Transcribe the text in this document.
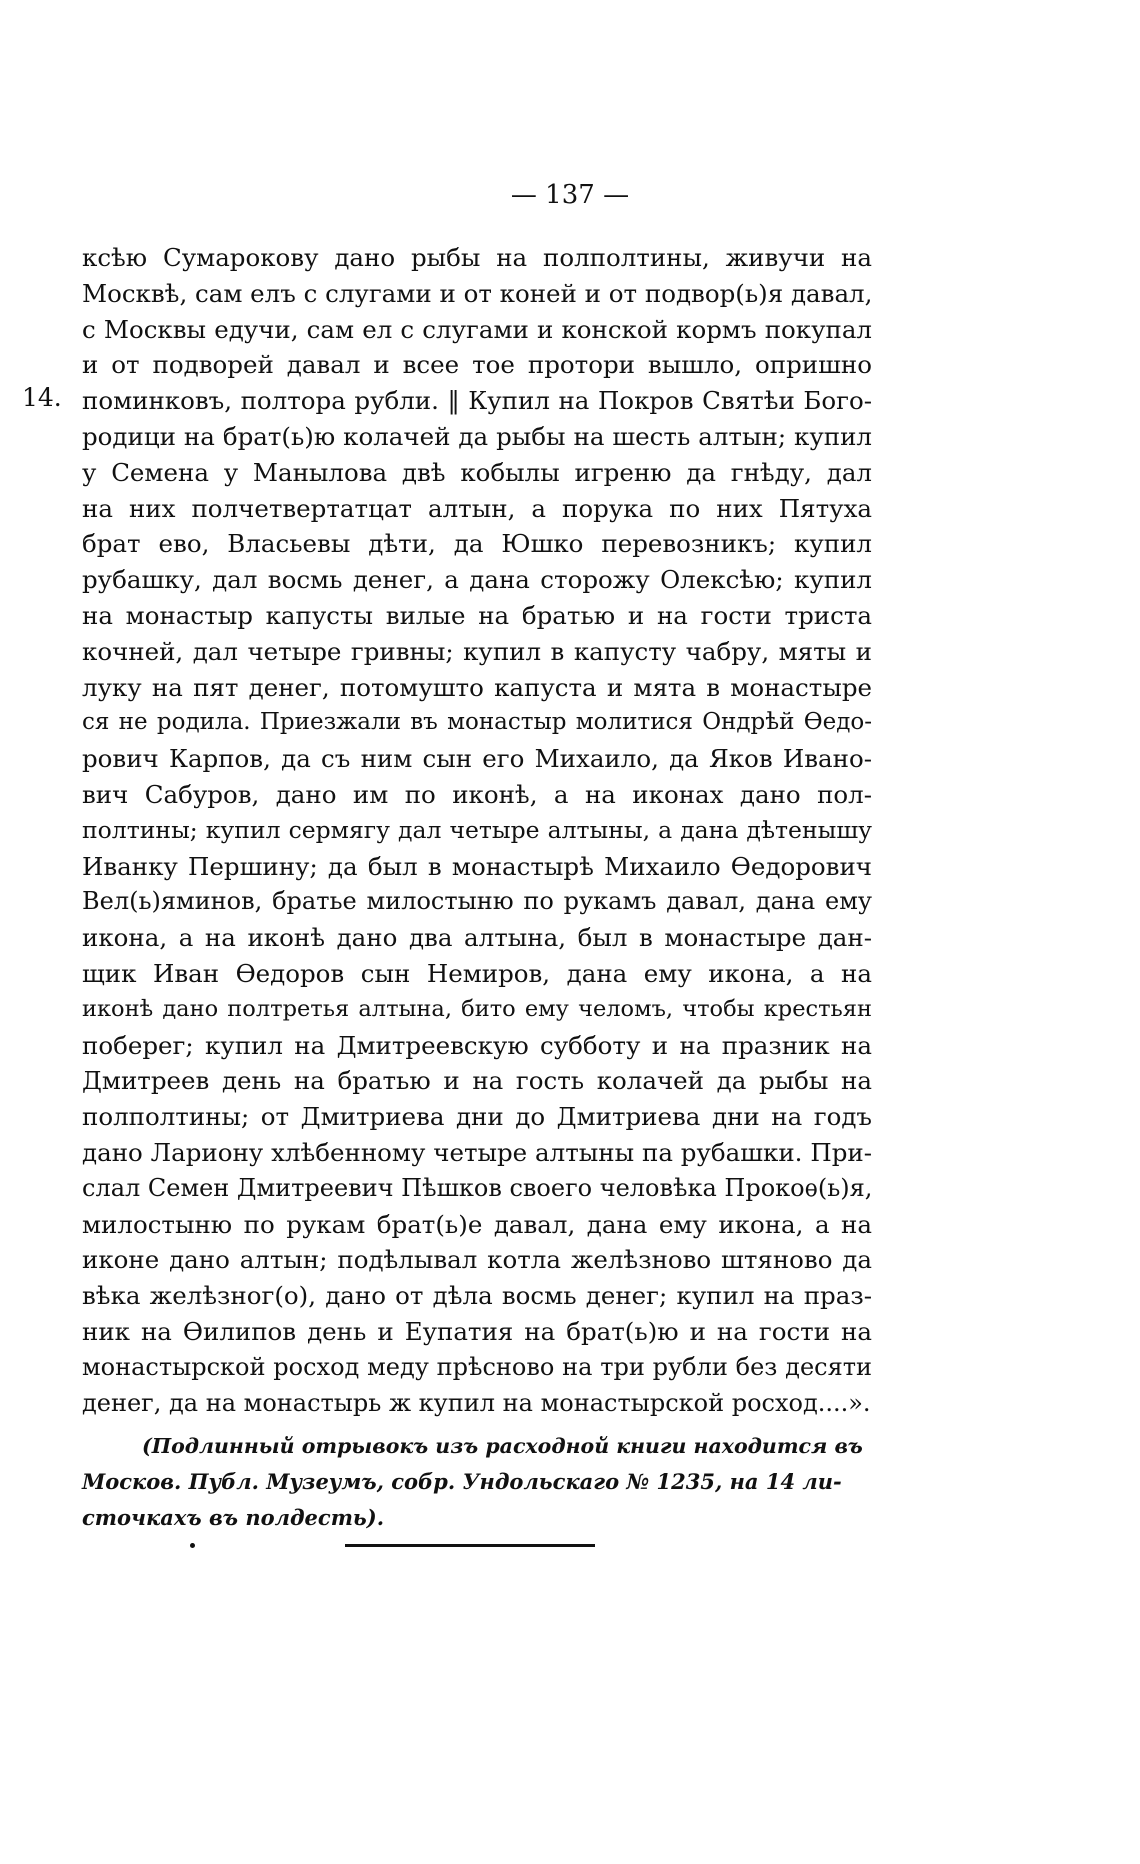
— 137 —
14.
ксѣю Сумарокову дано рыбы на полполтины, живучи на
Москвѣ, сам елъ с слугами и от коней и от подвор(ь)я давал,
с Москвы едучи, сам ел с слугами и конской кормъ покупал
и от подворей давал и всее тое протори вышло, опришно
поминковъ, полтора рубли. ‖ Купил на Покров Святѣи Бого-
родици на брат(ь)ю колачей да рыбы на шесть алтын; купил
у Семена у Манылова двѣ кобылы игреню да гнѣду, дал
на них полчетвертатцат алтын, а порука по них Пятуха
брат ево, Власьевы дѣти, да Юшко перевозникъ; купил
рубашку, дал восмь денег, а дана сторожу Олексѣю; купил
на монастыр капусты вилые на братью и на гости триста
кочней, дал четыре гривны; купил в капусту чабру, мяты и
луку на пят денег, потомушто капуста и мята в монастыре
ся не родила. Приезжали въ монастыр молитися Ондрѣй Ѳедо-
рович Карпов, да съ ним сын его Михаило, да Яков Ивано-
вич Сабуров, дано им по иконѣ, а на иконах дано пол-
полтины; купил сермягу дал четыре алтыны, а дана дѣтенышу
Иванку Першину; да был в монастырѣ Михаило Ѳедорович
Вел(ь)яминов, братье милостыню по рукамъ давал, дана ему
икона, а на иконѣ дано два алтына, был в монастыре дан-
щик Иван Ѳедоров сын Немиров, дана ему икона, а на
иконѣ дано полтретья алтына, бито ему челомъ, чтобы крестьян
поберег; купил на Дмитреевскую субботу и на празник на
Дмитреев день на братью и на гость колачей да рыбы на
полполтины; от Дмитриева дни до Дмитриева дни на годъ
дано Лариону хлѣбенному четыре алтыны па рубашки. При-
слал Семен Дмитреевич Пѣшков своего человѣка Прокоѳ(ь)я,
милостыню по рукам брат(ь)е давал, дана ему икона, а на
иконе дано алтын; подѣлывал котла желѣзново штяново да
вѣка желѣзног(о), дано от дѣла восмь денег; купил на праз-
ник на Ѳилипов день и Еупатия на брат(ь)ю и на гости на
монастырской росход меду прѣсново на три рубли без десяти
денег, да на монастырь ж купил на монастырской росход....».
(Подлинный отрывокъ изъ расходной книги находится въ
Москов. Публ. Музеумъ, собр. Ундольскаго № 1235, на 14 ли-
сточкахъ въ полдесть).
